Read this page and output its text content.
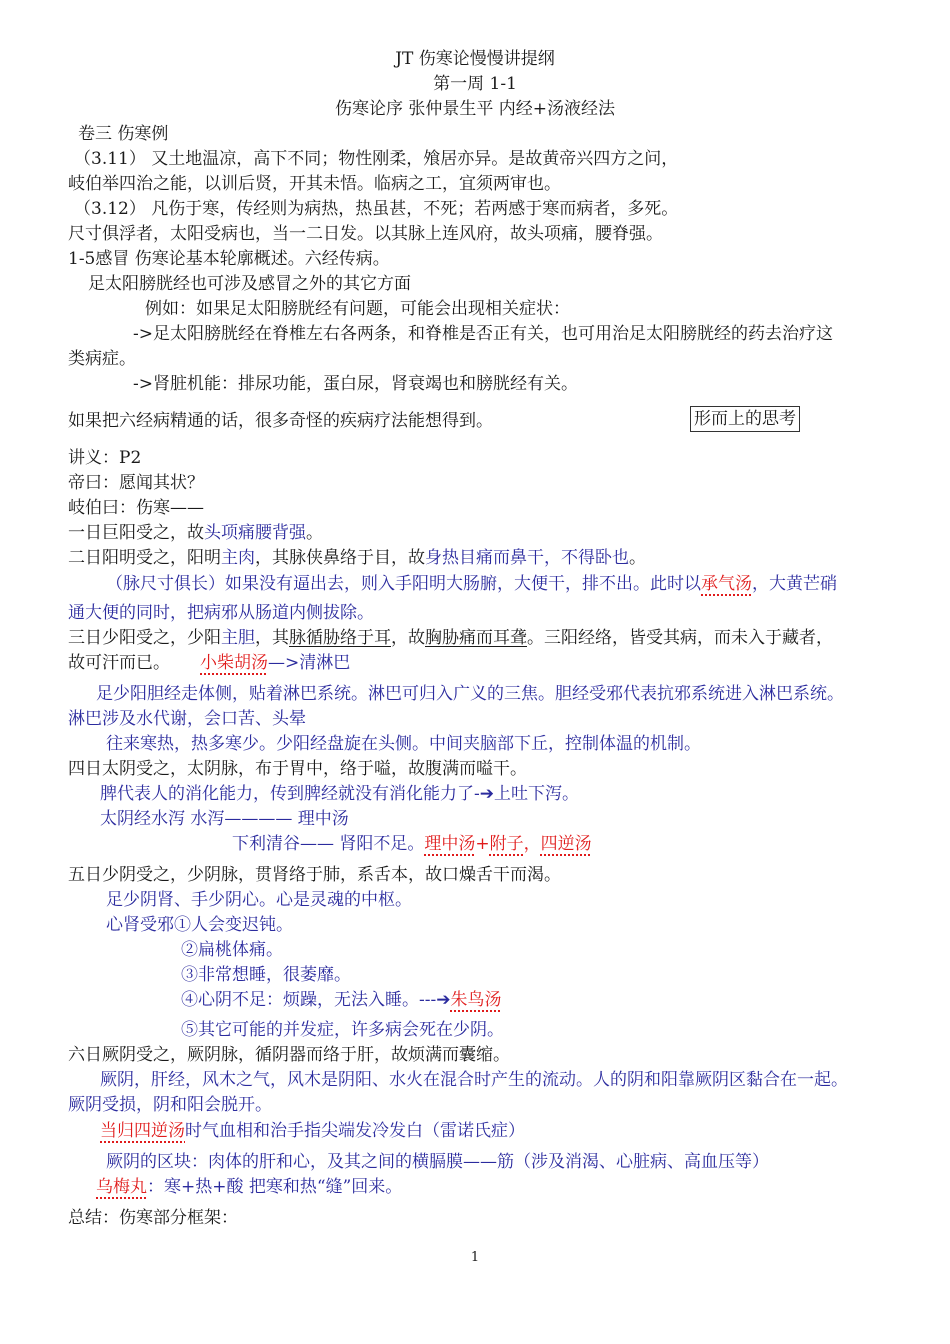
JT 伤寒论慢慢讲提纲
第一周 1-1
伤寒论序 张仲景生平 内经+汤液经法
卷三 伤寒例
（3.11） 又土地温凉，高下不同；物性刚柔，飧居亦异。是故黄帝兴四方之问，
岐伯举四治之能，以训后贤，开其未悟。临病之工，宜须两审也。
（3.12） 凡伤于寒，传经则为病热，热虽甚，不死；若两感于寒而病者，多死。
尺寸俱浮者，太阳受病也，当一二日发。以其脉上连风府，故头项痛，腰脊强。
1-5感冒 伤寒论基本轮廓概述。六经传病。
足太阳膀胱经也可涉及感冒之外的其它方面
例如：如果足太阳膀胱经有问题，可能会出现相关症状：
->足太阳膀胱经在脊椎左右各两条，和脊椎是否正有关，也可用治足太阳膀胱经的药去治疗这
类病症。
->肾脏机能：排尿功能，蛋白尿，肾衰竭也和膀胱经有关。
如果把六经病精通的话，很多奇怪的疾病疗法能想得到。	形而上的思考
讲义：P2
帝曰：愿闻其状？
岐伯曰：伤寒——
一日巨阳受之，故头项痛腰背强。
二日阳明受之，阳明主肉，其脉侠鼻络于目，故身热目痛而鼻干，不得卧也。
（脉尺寸俱长）如果没有逼出去，则入手阳明大肠腑，大便干，排不出。此时以承气汤，大黄芒硝
通大便的同时，把病邪从肠道内侧拔除。
三日少阳受之，少阳主胆，其脉循胁络于耳，故胸胁痛而耳聋。三阳经络，皆受其病，而未入于藏者，
故可汗而已。 小柴胡汤—>清淋巴
足少阳胆经走体侧，贴着淋巴系统。淋巴可归入广义的三焦。胆经受邪代表抗邪系统进入淋巴系统。
淋巴涉及水代谢，会口苦、头晕
往来寒热，热多寒少。少阳经盘旋在头侧。中间夹脑部下丘，控制体温的机制。
四日太阴受之，太阴脉，布于胃中，络于嗌，故腹满而嗌干。
脾代表人的消化能力，传到脾经就没有消化能力了-➔上吐下泻。
太阴经水泻 水泻———— 理中汤
下利清谷—— 肾阳不足。理中汤+附子，四逆汤
五日少阴受之，少阴脉，贯肾络于肺，系舌本，故口燥舌干而渴。
足少阴肾、手少阴心。心是灵魂的中枢。
心肾受邪①人会变迟钝。
②扁桃体痛。
③非常想睡，很萎靡。
④心阴不足：烦躁，无法入睡。---➔朱鸟汤
⑤其它可能的并发症，许多病会死在少阴。
六日厥阴受之，厥阴脉，循阴器而络于肝，故烦满而囊缩。
厥阴，肝经，风木之气，风木是阴阳、水火在混合时产生的流动。人的阴和阳靠厥阴区黏合在一起。
厥阴受损，阴和阳会脱开。
当归四逆汤时气血相和治手指尖端发冷发白（雷诺氏症）
厥阴的区块：肉体的肝和心，及其之间的横膈膜——筋（涉及消渴、心脏病、高血压等）
乌梅丸：寒+热+酸 把寒和热“缝”回来。
总结：伤寒部分框架：
1
